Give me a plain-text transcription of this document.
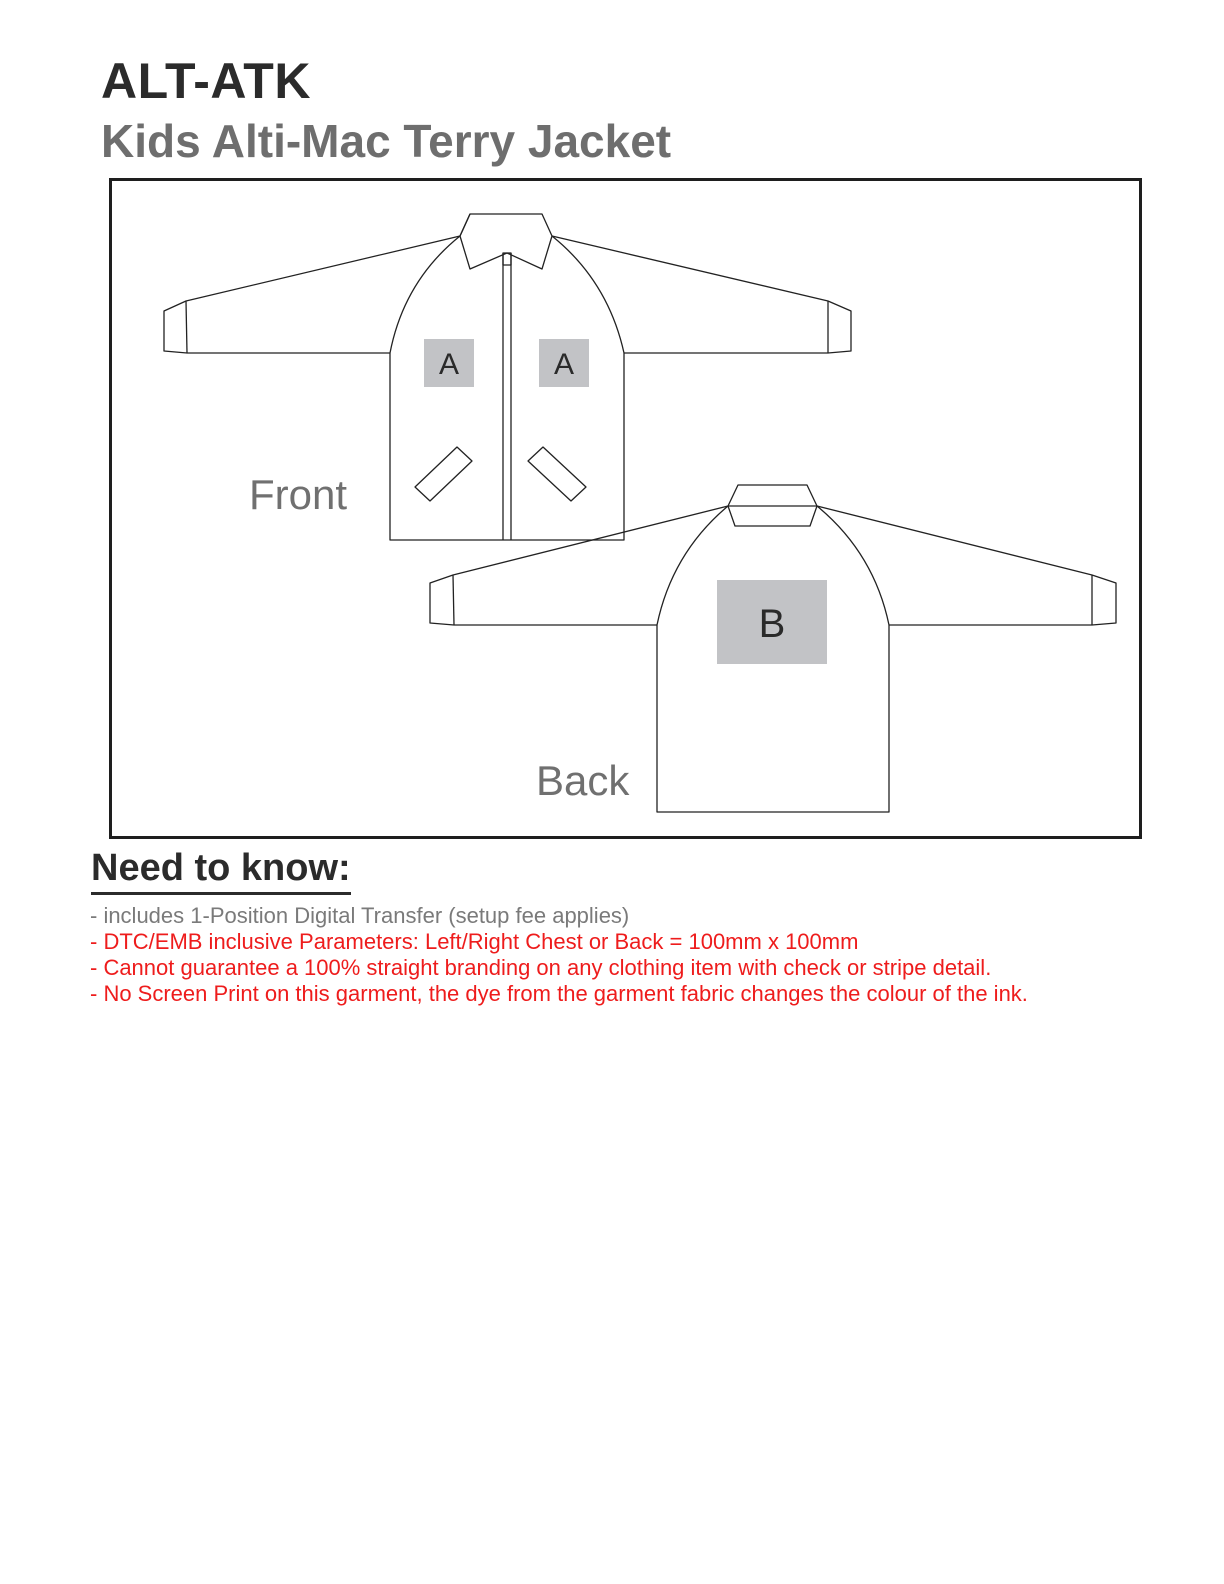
ALT-ATK
Kids Alti-Mac Terry Jacket
A	A
B
Front
Back
Need to know:
- includes 1-Position Digital Transfer (setup fee applies)
- DTC/EMB inclusive Parameters: Left/Right Chest or Back = 100mm x 100mm
- Cannot guarantee a 100% straight branding on any clothing item with check or stripe detail.
- No Screen Print on this garment, the dye from the garment fabric changes the colour of the ink.
